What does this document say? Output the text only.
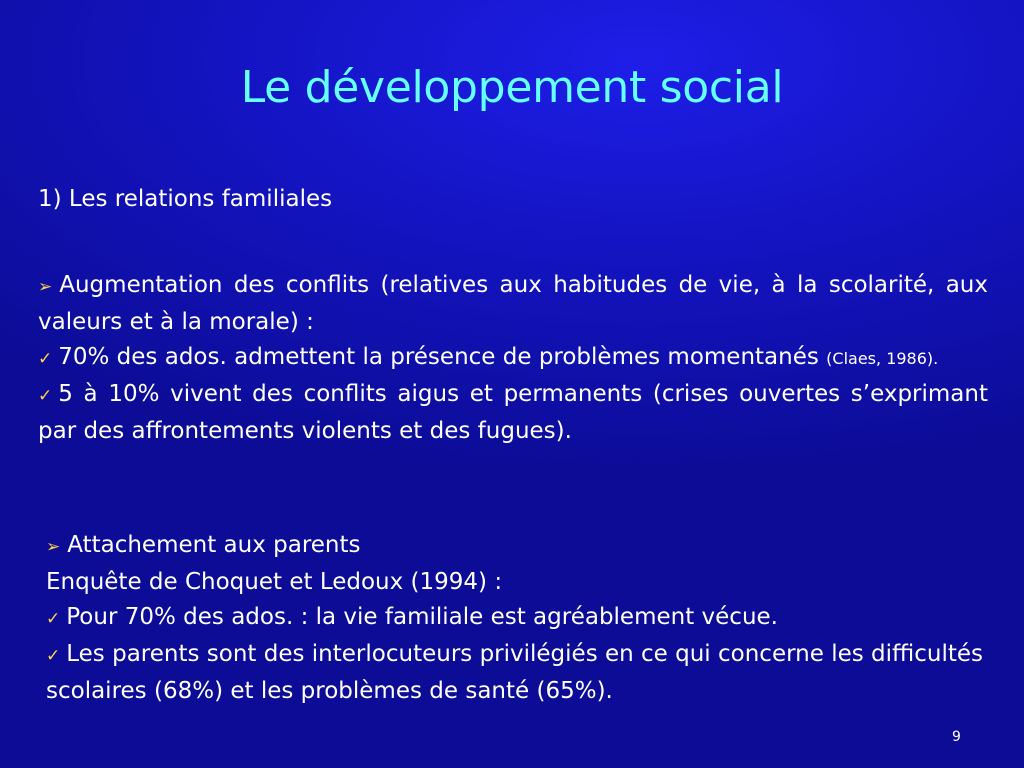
Le développement social
1) Les relations familiales

➢ Augmentation des conflits (relatives aux habitudes de vie, à la scolarité, aux valeurs et à la morale) :

✓ 70% des ados. admettent la présence de problèmes momentanés (Claes, 1986).

✓ 5 à 10% vivent des conflits aigus et permanents (crises ouvertes s’exprimant par des affrontements violents et des fugues).

➢ Attachement aux parents

Enquête de Choquet et Ledoux (1994) :

✓ Pour 70% des ados. : la vie familiale est agréablement vécue.

✓ Les parents sont des interlocuteurs privilégiés en ce qui concerne les difficultés scolaires (68%) et les problèmes de santé (65%).

9
